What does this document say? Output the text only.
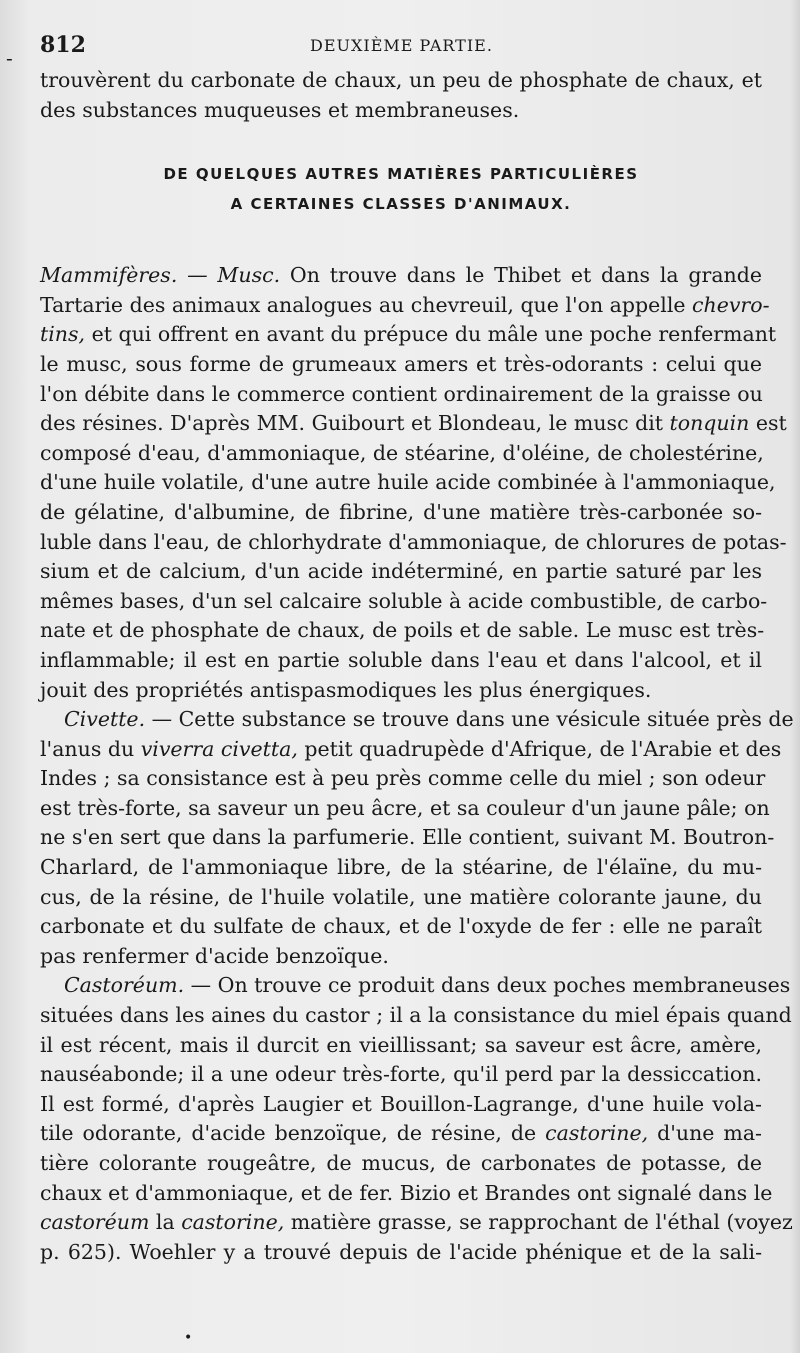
- 812	DEUXIÈME PARTIE.
trouvèrent du carbonate de chaux, un peu de phosphate de chaux, et
des substances muqueuses et membraneuses.
DE QUELQUES AUTRES MATIÈRES PARTICULIÈRES
A CERTAINES CLASSES D'ANIMAUX.
Mammifères. — Musc. On trouve dans le Thibet et dans la grande
Tartarie des animaux analogues au chevreuil, que l'on appelle chevro-
tins, et qui offrent en avant du prépuce du mâle une poche renfermant
le musc, sous forme de grumeaux amers et très-odorants : celui que
l'on débite dans le commerce contient ordinairement de la graisse ou
des résines. D'après MM. Guibourt et Blondeau, le musc dit tonquin est
composé d'eau, d'ammoniaque, de stéarine, d'oléine, de cholestérine,
d'une huile volatile, d'une autre huile acide combinée à l'ammoniaque,
de gélatine, d'albumine, de fibrine, d'une matière très-carbonée so-
luble dans l'eau, de chlorhydrate d'ammoniaque, de chlorures de potas-
sium et de calcium, d'un acide indéterminé, en partie saturé par les
mêmes bases, d'un sel calcaire soluble à acide combustible, de carbo-
nate et de phosphate de chaux, de poils et de sable. Le musc est très-
inflammable; il est en partie soluble dans l'eau et dans l'alcool, et il
jouit des propriétés antispasmodiques les plus énergiques.
Civette. — Cette substance se trouve dans une vésicule située près de
l'anus du viverra civetta, petit quadrupède d'Afrique, de l'Arabie et des
Indes ; sa consistance est à peu près comme celle du miel ; son odeur
est très-forte, sa saveur un peu âcre, et sa couleur d'un jaune pâle; on
ne s'en sert que dans la parfumerie. Elle contient, suivant M. Boutron-
Charlard, de l'ammoniaque libre, de la stéarine, de l'élaïne, du mu-
cus, de la résine, de l'huile volatile, une matière colorante jaune, du
carbonate et du sulfate de chaux, et de l'oxyde de fer : elle ne paraît
pas renfermer d'acide benzoïque.
Castoréum. — On trouve ce produit dans deux poches membraneuses
situées dans les aines du castor ; il a la consistance du miel épais quand
il est récent, mais il durcit en vieillissant; sa saveur est âcre, amère,
nauséabonde; il a une odeur très-forte, qu'il perd par la dessiccation.
Il est formé, d'après Laugier et Bouillon-Lagrange, d'une huile vola-
tile odorante, d'acide benzoïque, de résine, de castorine, d'une ma-
tière colorante rougeâtre, de mucus, de carbonates de potasse, de
chaux et d'ammoniaque, et de fer. Bizio et Brandes ont signalé dans le
castoréum la castorine, matière grasse, se rapprochant de l'éthal (voyez
p. 625). Woehler y a trouvé depuis de l'acide phénique et de la sali-
•
